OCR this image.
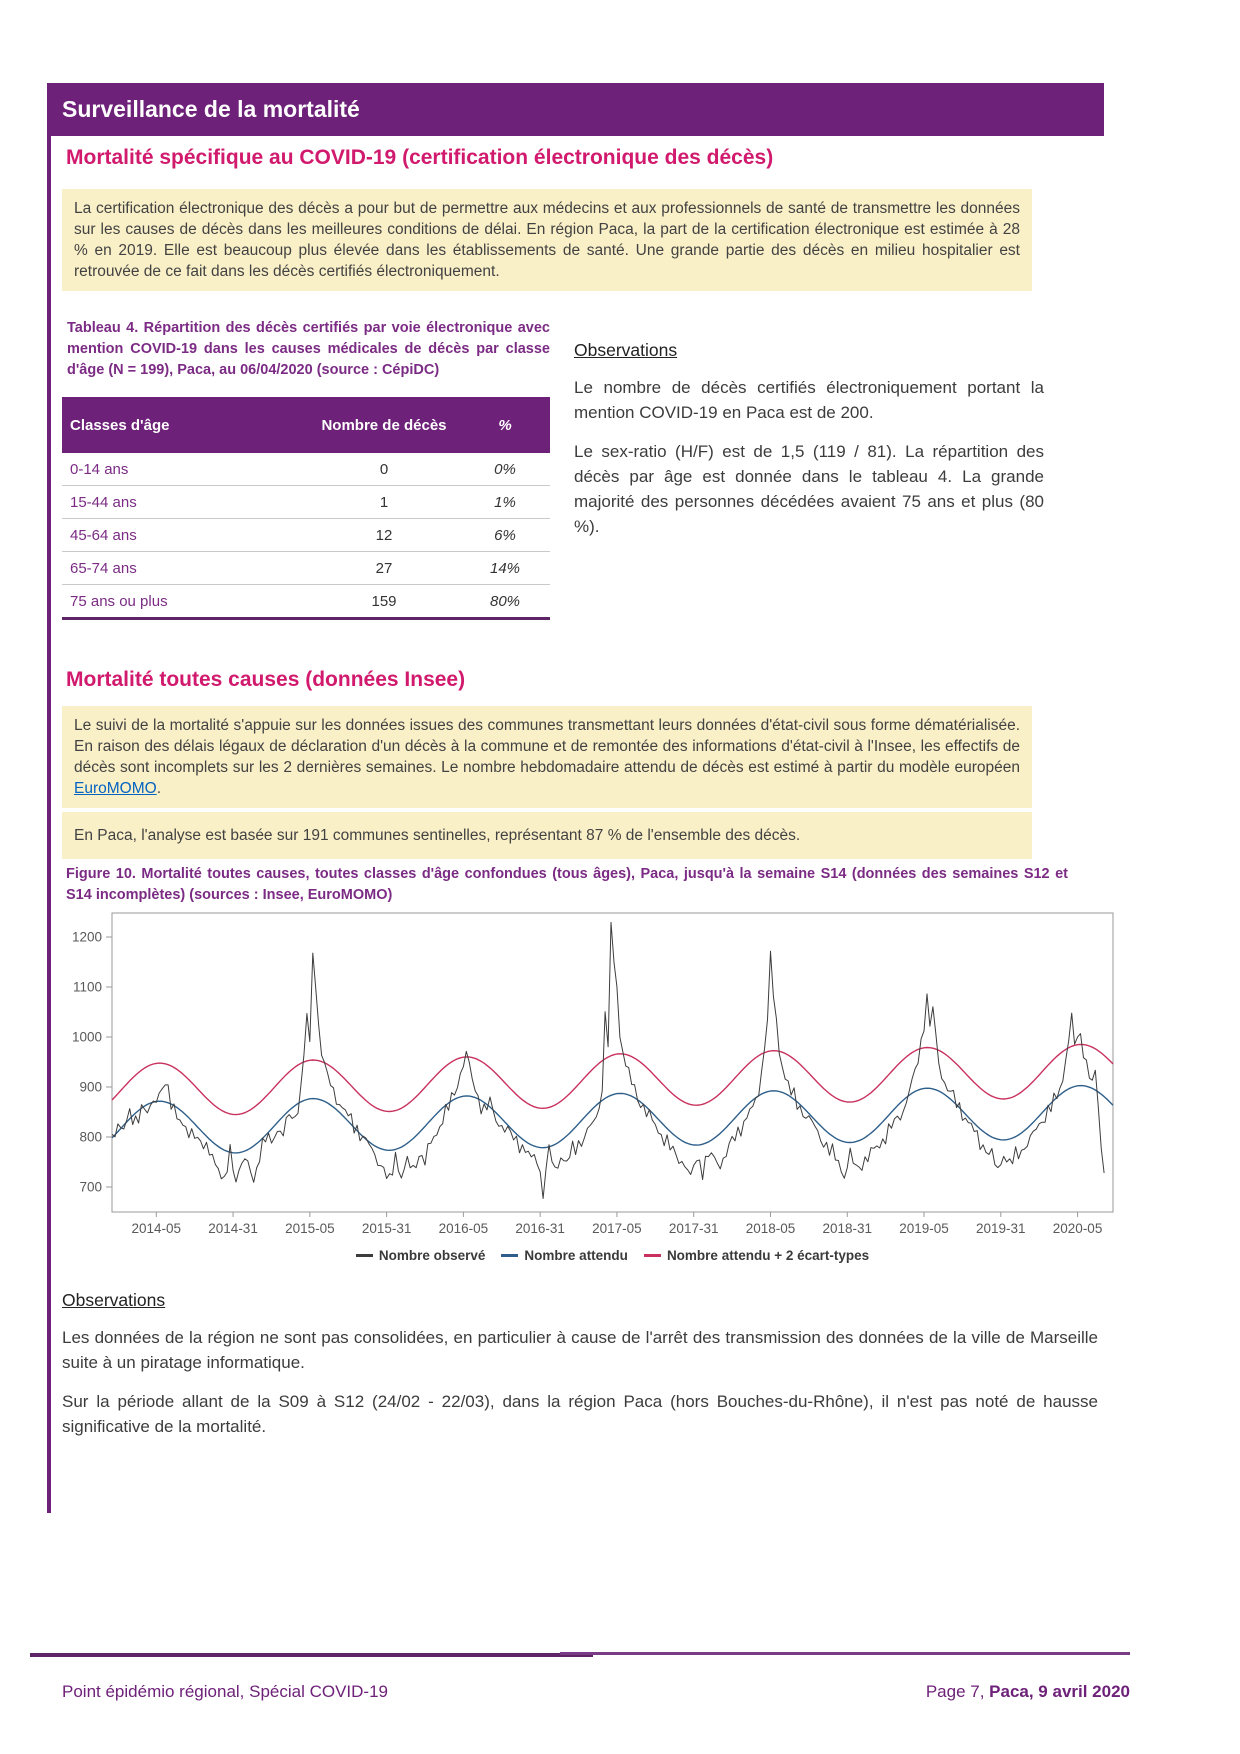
Surveillance de la mortalité
Mortalité spécifique au COVID-19 (certification électronique des décès)
La certification électronique des décès a pour but de permettre aux médecins et aux professionnels de santé de transmettre les données sur les causes de décès dans les meilleures conditions de délai. En région Paca, la part de la certification électronique est estimée à 28 % en 2019. Elle est beaucoup plus élevée dans les établissements de santé. Une grande partie des décès en milieu hospitalier est retrouvée de ce fait dans les décès certifiés électroniquement.

Tableau 4. Répartition des décès certifiés par voie électronique avec mention COVID-19 dans les causes médicales de décès par classe d'âge (N = 199), Paca, au 06/04/2020 (source : CépiDC)

Classes d'âge	Nombre de décès	%
0-14 ans	0	0%
15-44 ans	1	1%
45-64 ans	12	6%
65-74 ans	27	14%
75 ans ou plus	159	80%
Observations

Le nombre de décès certifiés électroniquement portant la mention COVID-19 en Paca est de 200.

Le sex-ratio (H/F) est de 1,5 (119 / 81). La répartition des décès par âge est donnée dans le tableau 4. La grande majorité des personnes décédées avaient 75 ans et plus (80 %).

Mortalité toutes causes (données Insee)
Le suivi de la mortalité s'appuie sur les données issues des communes transmettant leurs données d'état-civil sous forme dématérialisée. En raison des délais légaux de déclaration d'un décès à la commune et de remontée des informations d'état-civil à l'Insee, les effectifs de décès sont incomplets sur les 2 dernières semaines. Le nombre hebdomadaire attendu de décès est estimé à partir du modèle européen EuroMOMO.
En Paca, l'analyse est basée sur 191 communes sentinelles, représentant 87 % de l'ensemble des décès.

Figure 10. Mortalité toutes causes, toutes classes d'âge confondues (tous âges), Paca, jusqu'à la semaine S14 (données des semaines S12 et S14 incomplètes) (sources : Insee, EuroMOMO)

700
800
900
1000
1100
1200
2014-05 2014-31 2015-05 2015-31 2016-05 2016-31 2017-05 2017-31 2018-05 2018-31 2019-05 2019-31 2020-05
Nombre observé	Nombre attendu	Nombre attendu + 2 écart-types
Observations

Les données de la région ne sont pas consolidées, en particulier à cause de l'arrêt des transmission des données de la ville de Marseille suite à un piratage informatique.

Sur la période allant de la S09 à S12 (24/02 - 22/03), dans la région Paca (hors Bouches-du-Rhône), il n'est pas noté de hausse significative de la mortalité.

Point épidémio régional, Spécial COVID-19	Page 7, Paca, 9 avril 2020
